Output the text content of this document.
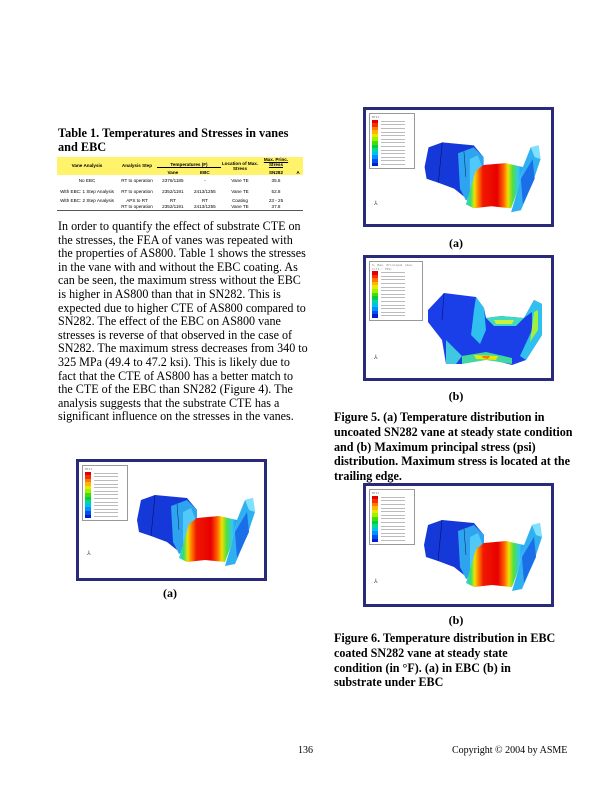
Table 1. Temperatures and Stresses in vanes and EBC
Vane Analysis	Analysis Step	Temperatures (F)		Location of Max. Stress	Max. Princ. Stress	
		Vane	EBC		SN282	A
No EBC	RT to operation	2376/1185	-	Vane TE	35.5	
With EBC: 1 Step Analysis	RT to operation	2352/1191	2413/1255	Vane TE	52.8	
With EBC: 2 Step Analysis	APS to RT	RT	RT	Coating	23 - 25	
	RT to operation	2352/1191	2413/1255	Vane TE	37.8	
In order to quantify the effect of substrate CTE on the stresses, the FEA of vanes was repeated with the properties of AS800. Table 1 shows the stresses in the vane with and without the EBC coating. As can be seen, the maximum stress without the EBC is higher in AS800 than that in SN282. This is expected due to higher CTE of AS800 compared to SN282. The effect of the EBC on AS800 vane stresses is reverse of that observed in the case of SN282. The maximum stress decreases from 340 to 325 MPa (49.4 to 47.2 ksi). This is likely due to fact that the CTE of AS800 has a better match to the CTE of the EBC than SN282 (Figure 4). The analysis suggests that the substrate CTE has a significant influence on the stresses in the vanes.
NT11
⅄
(a)
NT11
⅄
(a)
S, Max. Principal (Ave. Crit.: 75%)
⅄
(b)
Figure 5. (a) Temperature distribution in uncoated SN282 vane at steady state condition and (b) Maximum principal stress (psi) distribution. Maximum stress is located at the trailing edge.
NT11
⅄
(b)
Figure 6. Temperature distribution in EBC coated SN282 vane at steady state condition (in °F). (a) in EBC (b) in substrate under EBC
136	Copyright © 2004 by ASME
